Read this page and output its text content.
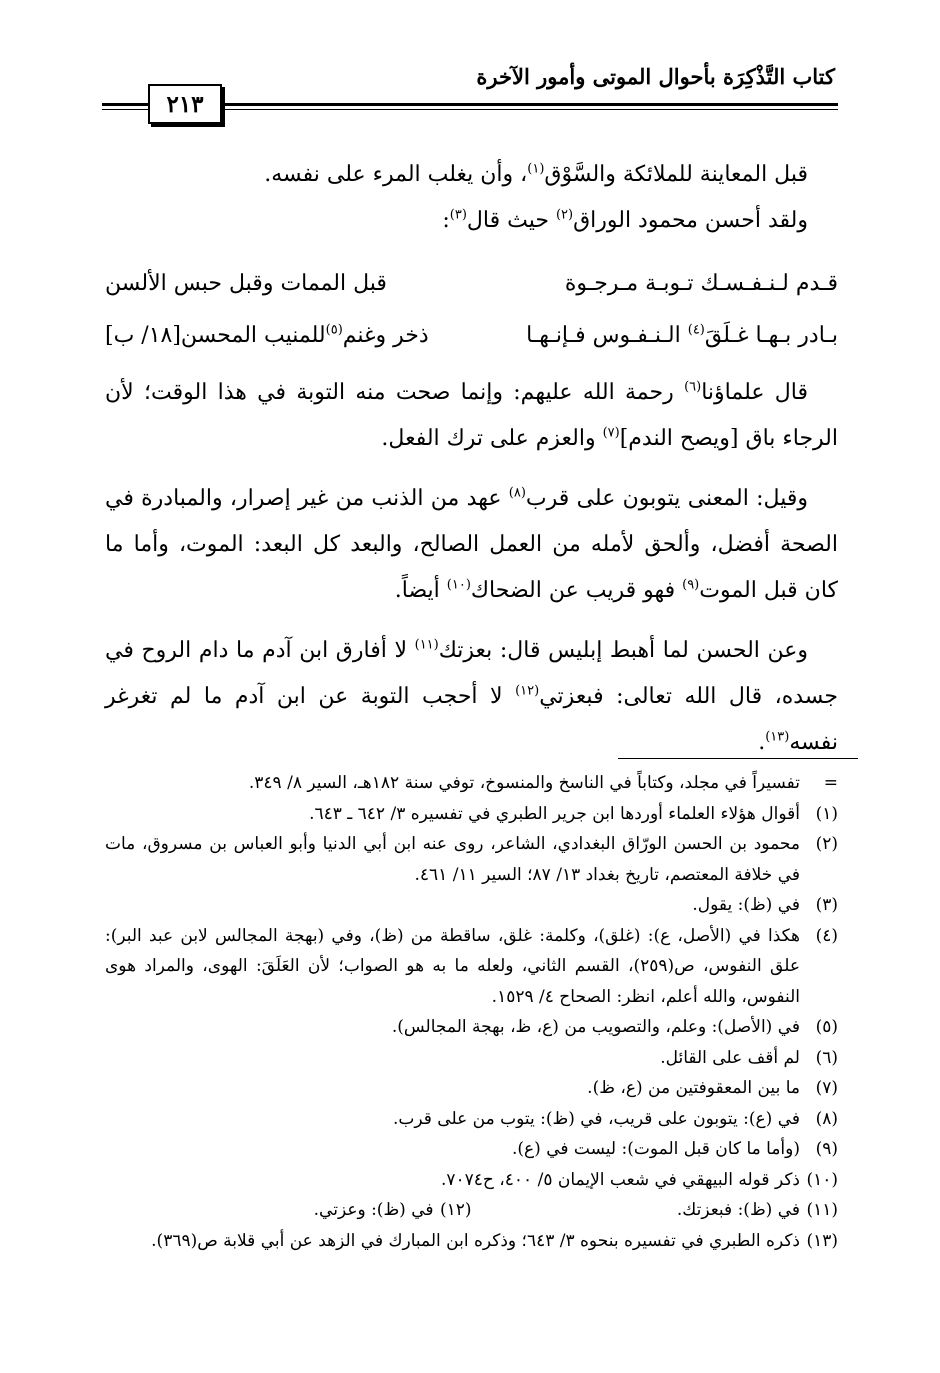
كتاب التَّذْكِرَة بأحوال الموتى وأمور الآخرة
٢١٣

قبل المعاينة للملائكة والسَّوْق$^{(١)}$، وأن يغلب المرء على نفسه.

ولقد أحسن محمود الوراق$^{(٢)}$ حيث قال$^{(٣)}$:

قـدم لـنـفـسـك تـوبـة مـرجـوة
قبل الممات وقبل حبس الألسن
بـادر بـهـا غـلَقَ$^{(٤)}$ الـنـفـوس فـإنـهـا
ذخر وغنم$^{(٥)}$للمنيب المحسن[١٨/ ب]

قال علماؤنا$^{(٦)}$ رحمة الله عليهم: وإنما صحت منه التوبة في هذا الوقت؛ لأن الرجاء باق [ويصح الندم]$^{(٧)}$ والعزم على ترك الفعل.

وقيل: المعنى يتوبون على قرب$^{(٨)}$ عهد من الذنب من غير إصرار، والمبادرة في الصحة أفضل، وألحق لأمله من العمل الصالح، والبعد كل البعد: الموت، وأما ما كان قبل الموت$^{(٩)}$ فهو قريب عن الضحاك$^{(١٠)}$ أيضاً.

وعن الحسن لما أهبط إبليس قال: بعزتك$^{(١١)}$ لا أفارق ابن آدم ما دام الروح في جسده، قال الله تعالى: فبعزتي$^{(١٢)}$ لا أحجب التوبة عن ابن آدم ما لم تغرغر نفسه$^{(١٣)}$.

=
تفسيراً في مجلد، وكتاباً في الناسخ والمنسوخ، توفي سنة ١٨٢هـ، السير ٨/ ٣٤٩.
(١)
أقوال هؤلاء العلماء أوردها ابن جرير الطبري في تفسيره ٣/ ٦٤٢ ـ ٦٤٣.
(٢)
محمود بن الحسن الورّاق البغدادي، الشاعر، روى عنه ابن أبي الدنيا وأبو العباس بن مسروق، مات في خلافة المعتصم، تاريخ بغداد ١٣/ ٨٧؛ السير ١١/ ٤٦١.
(٣)
في (ظ): يقول.
(٤)
هكذا في (الأصل، ع): (غلق)، وكلمة: غلق، ساقطة من (ظ)، وفي (بهجة المجالس لابن عبد البر): علق النفوس، ص(٢٥٩)، القسم الثاني، ولعله ما به هو الصواب؛ لأن العَلَقَ: الهوى، والمراد هوى النفوس، والله أعلم، انظر: الصحاح ٤/ ١٥٢٩.
(٥)
في (الأصل): وعلم، والتصويب من (ع، ظ، بهجة المجالس).
(٦)
لم أقف على القائل.
(٧)
ما بين المعقوفتين من (ع، ظ).
(٨)
في (ع): يتوبون على قريب، في (ظ): يتوب من على قرب.
(٩)
(وأما ما كان قبل الموت): ليست في (ع).
(١٠)
ذكر قوله البيهقي في شعب الإيمان ٥/ ٤٠٠، ح٧٠٧٤.
(١١)
في (ظ): فبعزتك.
(١٢)
في (ظ): وعزتي.
(١٣)
ذكره الطبري في تفسيره بنحوه ٣/ ٦٤٣؛ وذكره ابن المبارك في الزهد عن أبي قلابة ص(٣٦٩).
